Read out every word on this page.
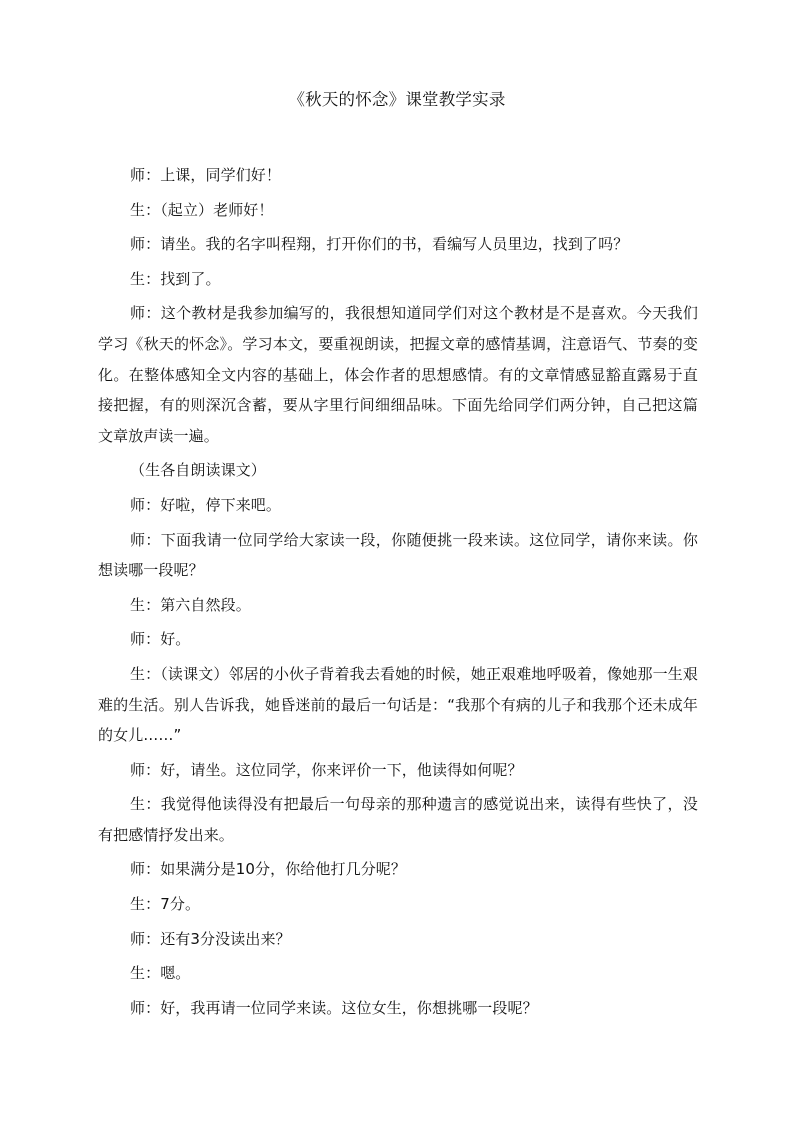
《秋天的怀念》课堂教学实录

师：上课，同学们好！

生：（起立）老师好！

师：请坐。我的名字叫程翔，打开你们的书，看编写人员里边，找到了吗？

生：找到了。

师：这个教材是我参加编写的，我很想知道同学们对这个教材是不是喜欢。今天我们学习《秋天的怀念》。学习本文，要重视朗读，把握文章的感情基调，注意语气、节奏的变化。在整体感知全文内容的基础上，体会作者的思想感情。有的文章情感显豁直露易于直接把握，有的则深沉含蓄，要从字里行间细细品味。下面先给同学们两分钟，自己把这篇文章放声读一遍。

（生各自朗读课文）

师：好啦，停下来吧。

师：下面我请一位同学给大家读一段，你随便挑一段来读。这位同学，请你来读。你想读哪一段呢？

生：第六自然段。

师：好。

生：（读课文）邻居的小伙子背着我去看她的时候，她正艰难地呼吸着，像她那一生艰难的生活。别人告诉我，她昏迷前的最后一句话是：“我那个有病的儿子和我那个还未成年的女儿……”

师：好，请坐。这位同学，你来评价一下，他读得如何呢？

生：我觉得他读得没有把最后一句母亲的那种遗言的感觉说出来，读得有些快了，没有把感情抒发出来。

师：如果满分是10分，你给他打几分呢？

生：7分。

师：还有3分没读出来？

生：嗯。

师：好，我再请一位同学来读。这位女生，你想挑哪一段呢？
